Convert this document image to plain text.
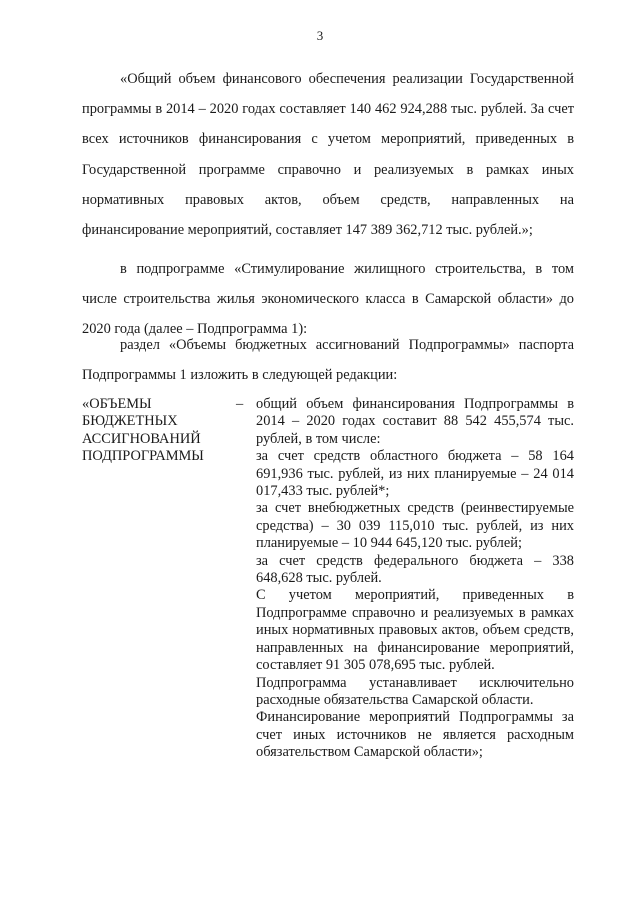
3

«Общий объем финансового обеспечения реализации Государственной программы в 2014 – 2020 годах составляет 140 462 924,288 тыс. рублей. За счет всех источников финансирования с учетом мероприятий, приведенных в Государственной программе справочно и реализуемых в рамках иных нормативных правовых актов, объем средств, направленных на финансирование мероприятий, составляет 147 389 362,712 тыс. рублей.»;

в подпрограмме «Стимулирование жилищного строительства, в том числе строительства жилья экономического класса в Самарской области» до 2020 года (далее – Подпрограмма 1):

раздел «Объемы бюджетных ассигнований Подпрограммы» паспорта Подпрограммы 1 изложить в следующей редакции:

«ОБЪЕМЫ
БЮДЖЕТНЫХ
АССИГНОВАНИЙ
ПОДПРОГРАММЫ
– общий объем финансирования Подпрограммы в 2014 – 2020 годах составит 88 542 455,574 тыс. рублей, в том числе:

за счет средств областного бюджета – 58 164 691,936 тыс. рублей, из них планируемые – 24 014 017,433 тыс. рублей*;

за счет внебюджетных средств (реинвестируемые средства) – 30 039 115,010 тыс. рублей, из них планируемые – 10 944 645,120 тыс. рублей;

за счет средств федерального бюджета – 338 648,628 тыс. рублей.

С учетом мероприятий, приведенных в Подпрограмме справочно и реализуемых в рамках иных нормативных правовых актов, объем средств, направленных на финансирование мероприятий, составляет 91 305 078,695 тыс. рублей.

Подпрограмма устанавливает исключительно расходные обязательства Самарской области.

Финансирование мероприятий Подпрограммы за счет иных источников не является расходным обязательством Самарской области»;
